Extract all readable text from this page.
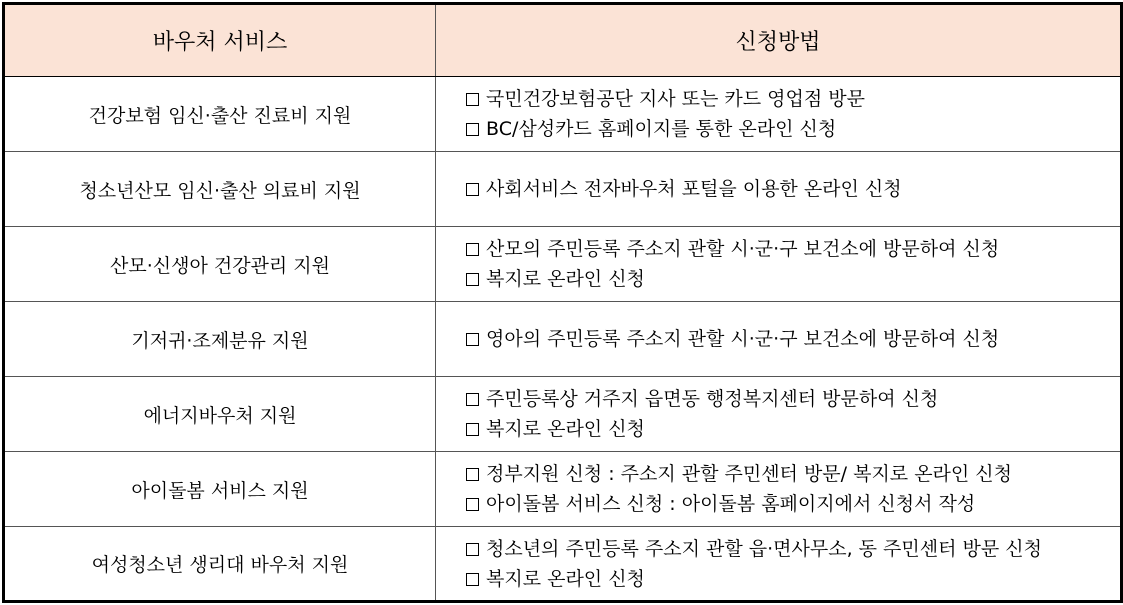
바우처 서비스	신청방법
건강보험 임신·출산 진료비 지원	국민건강보험공단 지사 또는 카드 영업점 방문
BC/삼성카드 홈페이지를 통한 온라인 신청

청소년산모 임신·출산 의료비 지원	사회서비스 전자바우처 포털을 이용한 온라인 신청

산모·신생아 건강관리 지원	산모의 주민등록 주소지 관할 시·군·구 보건소에 방문하여 신청
복지로 온라인 신청

기저귀·조제분유 지원	영아의 주민등록 주소지 관할 시·군·구 보건소에 방문하여 신청

에너지바우처 지원	주민등록상 거주지 읍면동 행정복지센터 방문하여 신청
복지로 온라인 신청

아이돌봄 서비스 지원	정부지원 신청 : 주소지 관할 주민센터 방문/ 복지로 온라인 신청
아이돌봄 서비스 신청 : 아이돌봄 홈페이지에서 신청서 작성

여성청소년 생리대 바우처 지원	청소년의 주민등록 주소지 관할 읍·면사무소, 동 주민센터 방문 신청
복지로 온라인 신청
